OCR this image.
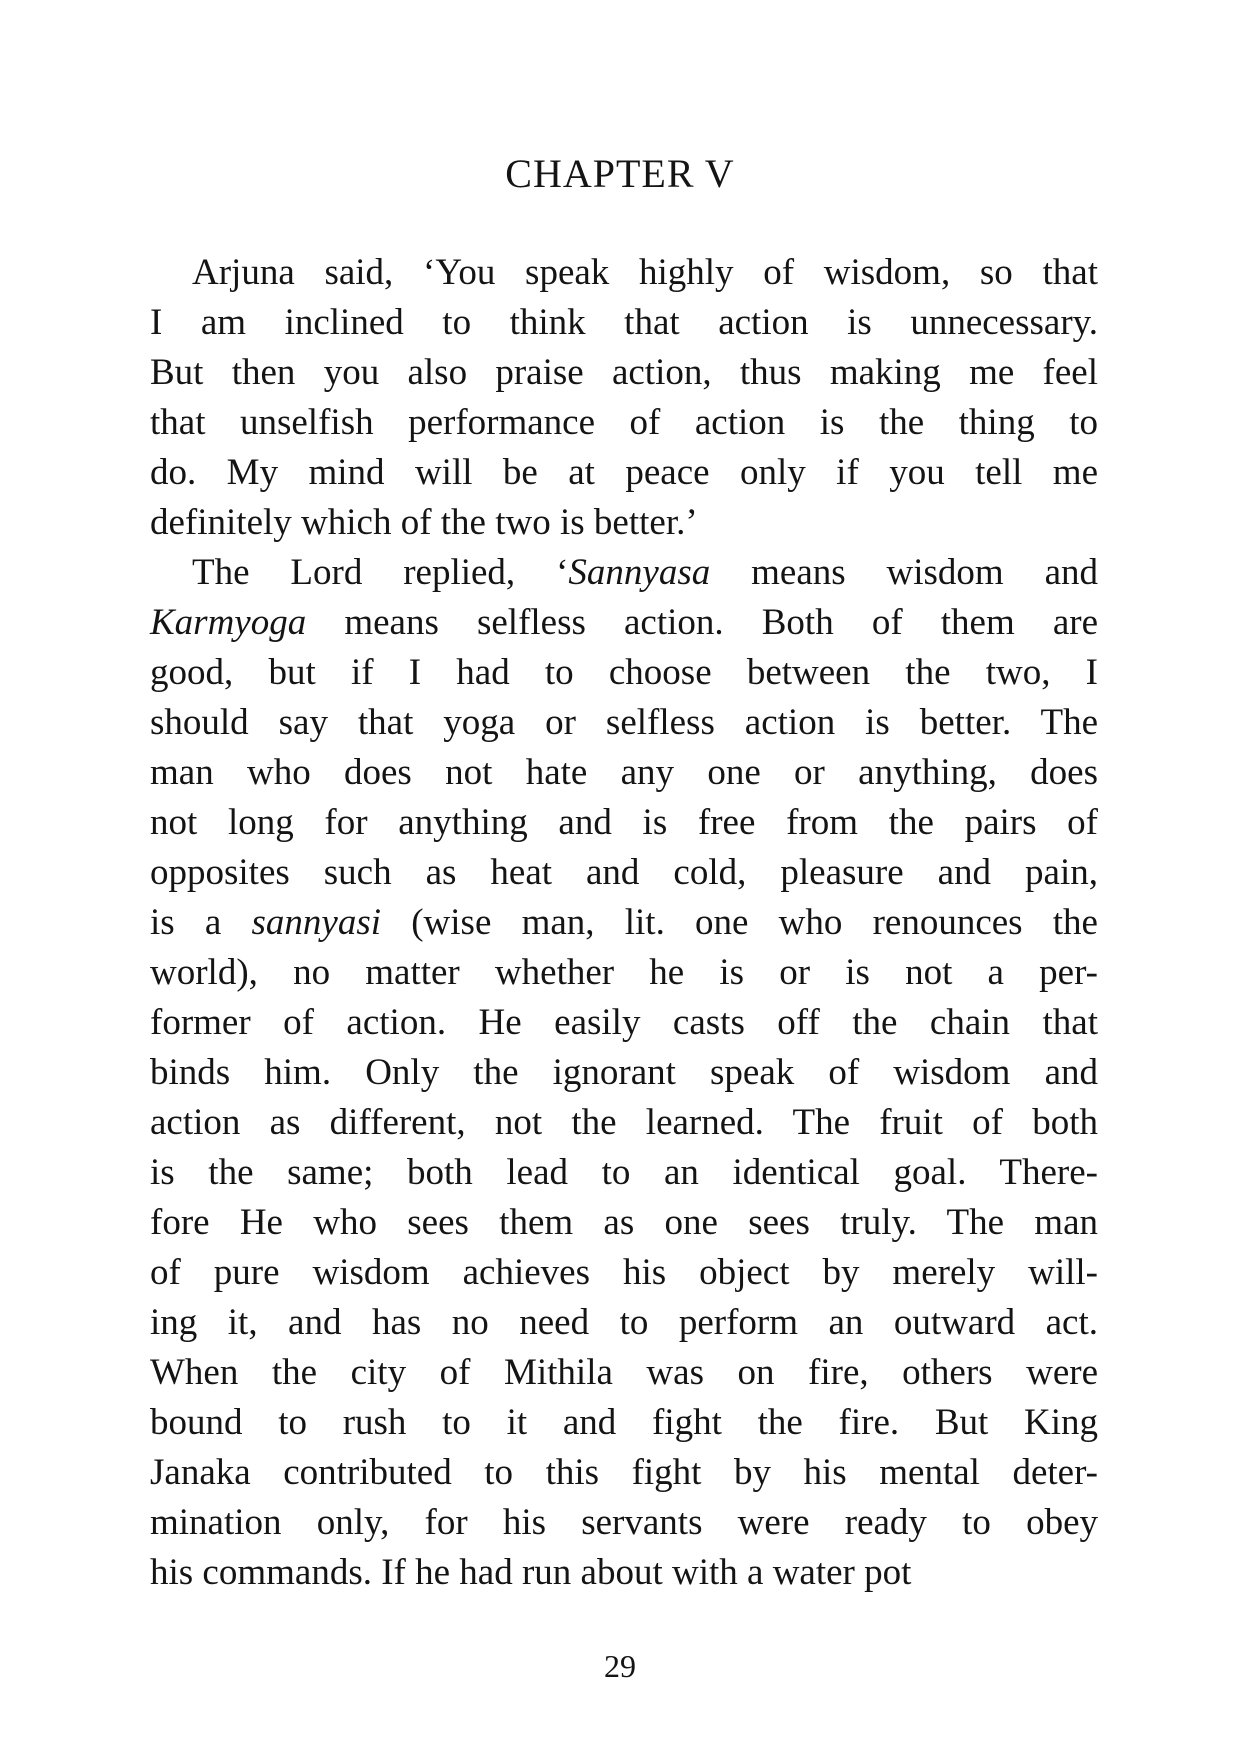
CHAPTER V
Arjuna said, ‘You speak highly of wisdom, so that
I am inclined to think that action is unnecessary.
But then you also praise action, thus making me feel
that unselfish performance of action is the thing to
do. My mind will be at peace only if you tell me
definitely which of the two is better.’
The Lord replied, ‘Sannyasa means wisdom and
Karmyoga means selfless action. Both of them are
good, but if I had to choose between the two, I
should say that yoga or selfless action is better. The
man who does not hate any one or anything, does
not long for anything and is free from the pairs of
opposites such as heat and cold, pleasure and pain,
is a sannyasi (wise man, lit. one who renounces the
world), no matter whether he is or is not a per-
former of action. He easily casts off the chain that
binds him. Only the ignorant speak of wisdom and
action as different, not the learned. The fruit of both
is the same; both lead to an identical goal. There-
fore He who sees them as one sees truly. The man
of pure wisdom achieves his object by merely will-
ing it, and has no need to perform an outward act.
When the city of Mithila was on fire, others were
bound to rush to it and fight the fire. But King
Janaka contributed to this fight by his mental deter-
mination only, for his servants were ready to obey
his commands. If he had run about with a water pot
29
